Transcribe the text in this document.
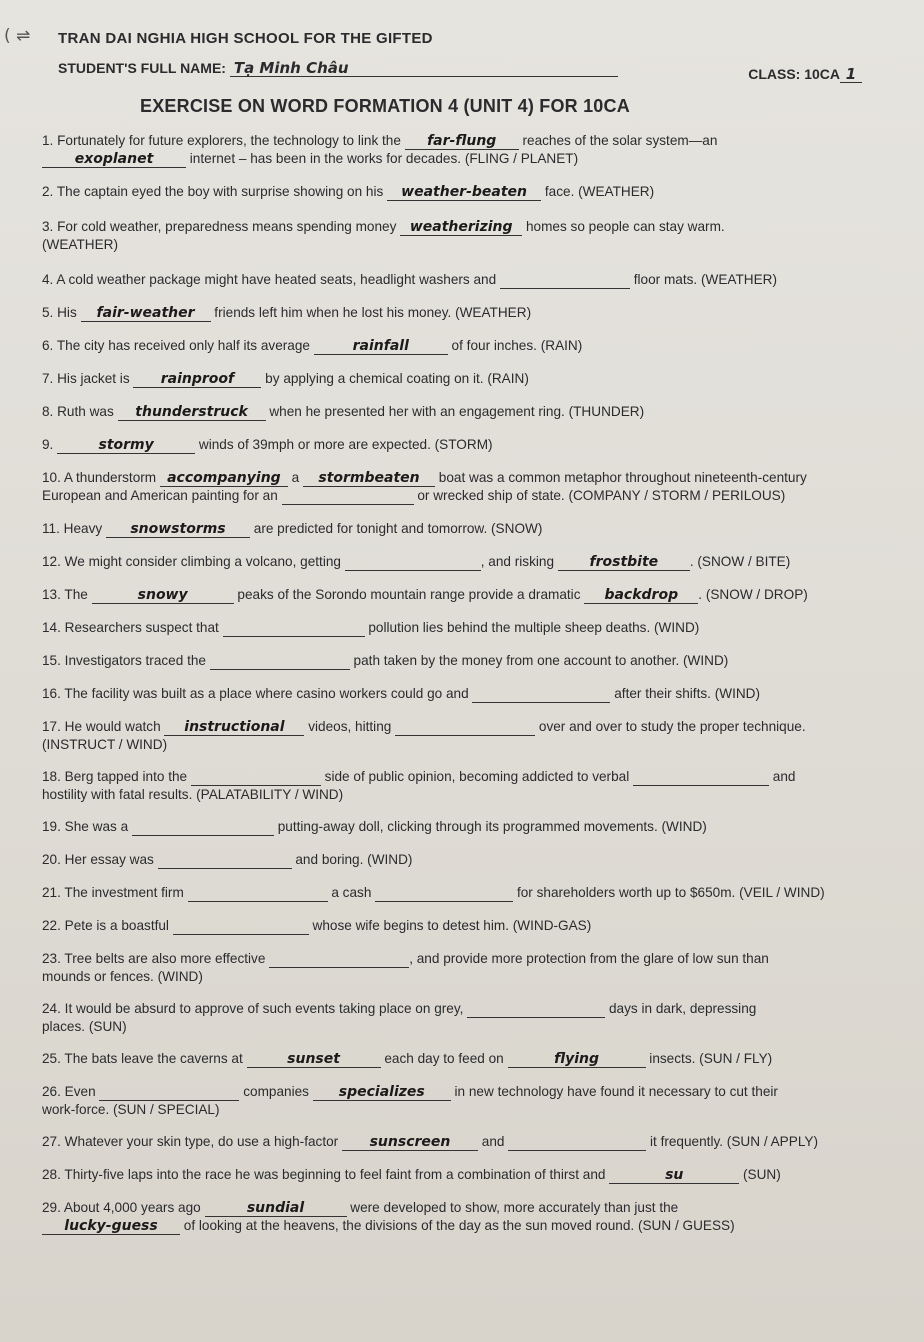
( ⇌ TRAN DAI NGHIA HIGH SCHOOL FOR THE GIFTED
STUDENT'S FULL NAME: Tạ Minh Châu	CLASS: 10CA 1
EXERCISE ON WORD FORMATION 4 (UNIT 4) FOR 10CA
1. Fortunately for future explorers, the technology to link the far-flung reaches of the solar system—an
exoplanet internet – has been in the works for decades. (FLING / PLANET)
2. The captain eyed the boy with surprise showing on his weather-beaten face. (WEATHER)
3. For cold weather, preparedness means spending money weatherizing homes so people can stay warm.
(WEATHER)
4. A cold weather package might have heated seats, headlight washers and	floor mats. (WEATHER)
5. His fair-weather friends left him when he lost his money. (WEATHER)
6. The city has received only half its average	rainfall	of four inches. (RAIN)
7. His jacket is rainproof by applying a chemical coating on it. (RAIN)
8. Ruth was thunderstruck when he presented her with an engagement ring. (THUNDER)
9.	stormy	winds of 39mph or more are expected. (STORM)
10. A thunderstorm accompanying a stormbeaten boat was a common metaphor throughout nineteenth-century
European and American painting for an	or wrecked ship of state. (COMPANY / STORM / PERILOUS)
11. Heavy snowstorms are predicted for tonight and tomorrow. (SNOW)
12. We might consider climbing a volcano, getting	, and risking frostbite . (SNOW / BITE)
13. The	snowy	peaks of the Sorondo mountain range provide a dramatic backdrop . (SNOW / DROP)
14. Researchers suspect that	pollution lies behind the multiple sheep deaths. (WIND)
15. Investigators traced the	path taken by the money from one account to another. (WIND)
16. The facility was built as a place where casino workers could go and	after their shifts. (WIND)
17. He would watch instructional videos, hitting	over and over to study the proper technique.
(INSTRUCT / WIND)
18. Berg tapped into the	side of public opinion, becoming addicted to verbal	and
hostility with fatal results. (PALATABILITY / WIND)
19. She was a	putting-away doll, clicking through its programmed movements. (WIND)
20. Her essay was	and boring. (WIND)
21. The investment firm	a cash	for shareholders worth up to $650m. (VEIL / WIND)
22. Pete is a boastful	whose wife begins to detest him. (WIND-GAS)
23. Tree belts are also more effective	, and provide more protection from the glare of low sun than
mounds or fences. (WIND)
24. It would be absurd to approve of such events taking place on grey,	days in dark, depressing
places. (SUN)
25. The bats leave the caverns at	sunset	each day to feed on	flying	insects. (SUN / FLY)
26. Even	companies specializes in new technology have found it necessary to cut their
work-force. (SUN / SPECIAL)
27. Whatever your skin type, do use a high-factor sunscreen and	it frequently. (SUN / APPLY)
28. Thirty-five laps into the race he was beginning to feel faint from a combination of thirst and	su	(SUN)
29. About 4,000 years ago	sundial	were developed to show, more accurately than just the
lucky-guess of looking at the heavens, the divisions of the day as the sun moved round. (SUN / GUESS)
